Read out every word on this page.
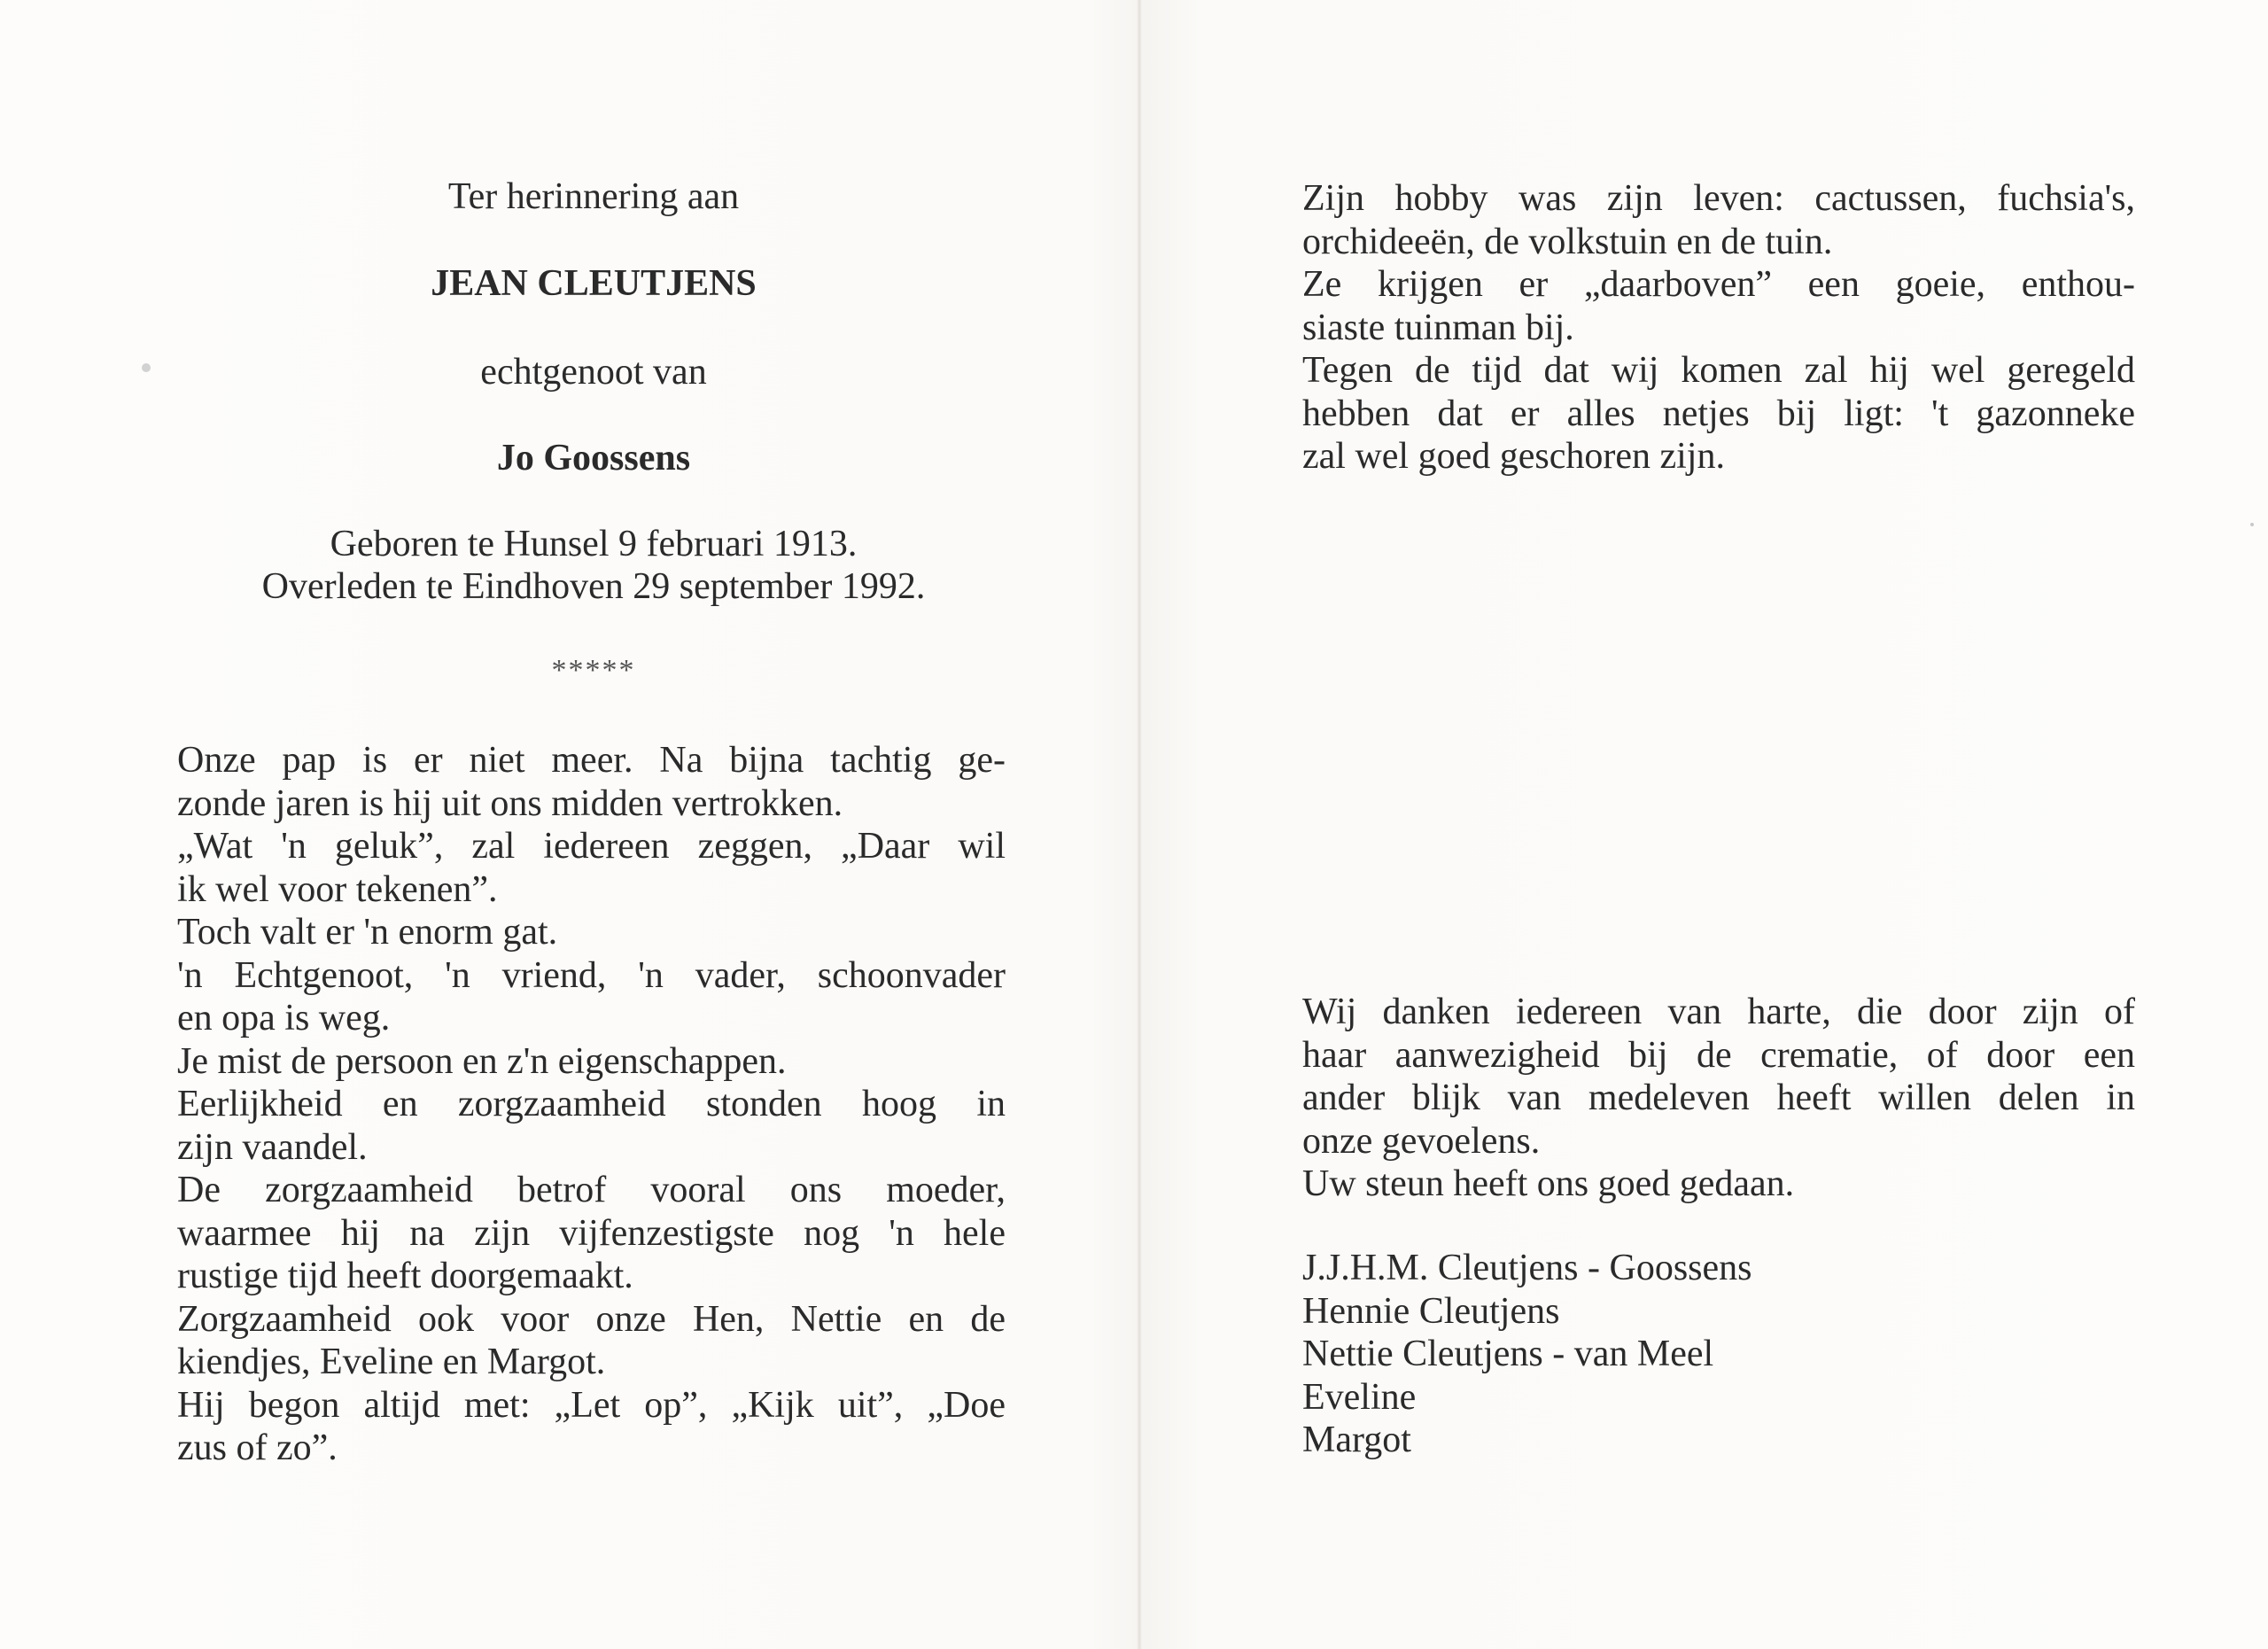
Ter herinnering aan
JEAN CLEUTJENS
echtgenoot van
Jo Goossens
Geboren te Hunsel 9 februari 1913.
Overleden te Eindhoven 29 september 1992.
*****
Onze pap is er niet meer. Na bijna tachtig ge-
zonde jaren is hij uit ons midden vertrokken.
„Wat 'n geluk”, zal iedereen zeggen, „Daar wil
ik wel voor tekenen”.
Toch valt er 'n enorm gat.
'n Echtgenoot, 'n vriend, 'n vader, schoonvader
en opa is weg.
Je mist de persoon en z'n eigenschappen.
Eerlijkheid en zorgzaamheid stonden hoog in
zijn vaandel.
De zorgzaamheid betrof vooral ons moeder,
waarmee hij na zijn vijfenzestigste nog 'n hele
rustige tijd heeft doorgemaakt.
Zorgzaamheid ook voor onze Hen, Nettie en de
kiendjes, Eveline en Margot.
Hij begon altijd met: „Let op”, „Kijk uit”, „Doe
zus of zo”.
Zijn hobby was zijn leven: cactussen, fuchsia's,
orchideeën, de volkstuin en de tuin.
Ze krijgen er „daarboven” een goeie, enthou-
siaste tuinman bij.
Tegen de tijd dat wij komen zal hij wel geregeld
hebben dat er alles netjes bij ligt: 't gazonneke
zal wel goed geschoren zijn.
Wij danken iedereen van harte, die door zijn of
haar aanwezigheid bij de crematie, of door een
ander blijk van medeleven heeft willen delen in
onze gevoelens.
Uw steun heeft ons goed gedaan.
J.J.H.M. Cleutjens - Goossens
Hennie Cleutjens
Nettie Cleutjens - van Meel
Eveline
Margot
